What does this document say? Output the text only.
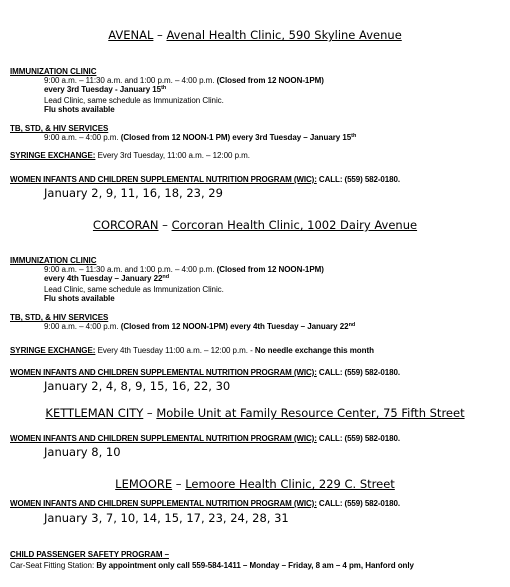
AVENAL – Avenal Health Clinic, 590 Skyline Avenue
IMMUNIZATION CLINIC
9:00 a.m. – 11:30 a.m. and 1:00 p.m. – 4:00 p.m. (Closed from 12 NOON-1PM)
every 3rd Tuesday - January 15th
Lead Clinic, same schedule as Immunization Clinic.
Flu shots available
TB, STD, & HIV SERVICES
9:00 a.m. – 4:00 p.m. (Closed from 12 NOON-1 PM) every 3rd Tuesday – January 15th
SYRINGE EXCHANGE: Every 3rd Tuesday, 11:00 a.m. – 12:00 p.m.
WOMEN INFANTS AND CHILDREN SUPPLEMENTAL NUTRITION PROGRAM (WIC): CALL: (559) 582-0180.
January 2, 9, 11, 16, 18, 23, 29
CORCORAN – Corcoran Health Clinic, 1002 Dairy Avenue
IMMUNIZATION CLINIC
9:00 a.m. – 11:30 a.m. and 1:00 p.m. – 4:00 p.m. (Closed from 12 NOON-1PM)
every 4th Tuesday – January 22nd
Lead Clinic, same schedule as Immunization Clinic.
Flu shots available
TB, STD, & HIV SERVICES
9:00 a.m. – 4:00 p.m. (Closed from 12 NOON-1PM) every 4th Tuesday – January 22nd
SYRINGE EXCHANGE: Every 4th Tuesday 11:00 a.m. – 12:00 p.m. - No needle exchange this month
WOMEN INFANTS AND CHILDREN SUPPLEMENTAL NUTRITION PROGRAM (WIC): CALL: (559) 582-0180.
January 2, 4, 8, 9, 15, 16, 22, 30
KETTLEMAN CITY – Mobile Unit at Family Resource Center, 75 Fifth Street
WOMEN INFANTS AND CHILDREN SUPPLEMENTAL NUTRITION PROGRAM (WIC): CALL: (559) 582-0180.
January 8, 10
LEMOORE – Lemoore Health Clinic, 229 C. Street
WOMEN INFANTS AND CHILDREN SUPPLEMENTAL NUTRITION PROGRAM (WIC): CALL: (559) 582-0180.
January 3, 7, 10, 14, 15, 17, 23, 24, 28, 31
CHILD PASSENGER SAFETY PROGRAM –
Car-Seat Fitting Station: By appointment only call 559-584-1411 – Monday – Friday, 8 am – 4 pm, Hanford only
